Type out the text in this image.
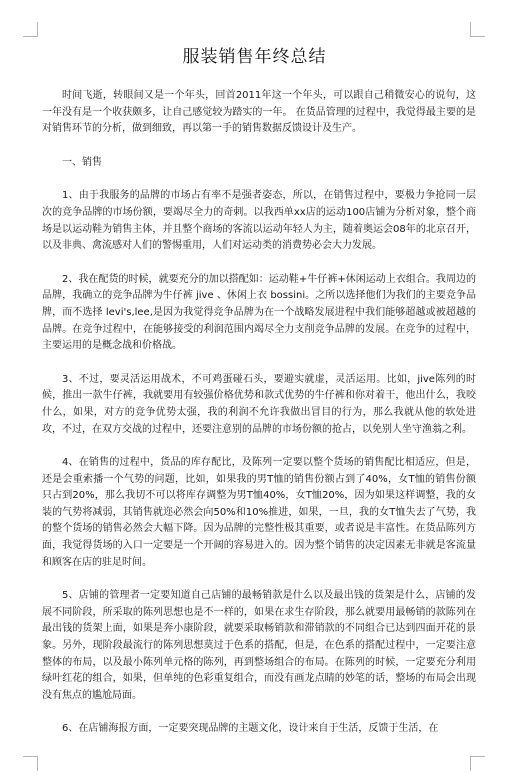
服装销售年终总结

时间飞逝，转眼间又是一个年头，回首2011年这一个年头，可以跟自己稍微安心的说句，这一年没有是一个收获颇多，让自己感觉较为踏实的一年。 在货品管理的过程中，我觉得最主要的是对销售环节的分析，做到细致，再以第一手的销售数据反馈设计及生产。

一、销售

1、由于我服务的品牌的市场占有率不是强者姿态，所以，在销售过程中，要极力争抢同一层次的竞争品牌的市场份额，要竭尽全力的奇刺。以我西单xx店的运动100店铺为分析对象，整个商场是以运动鞋为销售主体，并且整个商场的客流以运动年轻人为主，随着奥运会08年的北京召开，以及非典、禽流感对人们的警惕重用，人们对运动类的消费势必会大力发展。

2、我在配货的时候，就要充分的加以搭配如：运动鞋+牛仔裤+休闲运动上衣组合。我周边的品牌，我确立的竞争品牌为牛仔裤 jive 、休闲上衣 bossini。之所以选择他们为我们的主要竞争品牌，而不选择 levi's,lee,是因为我觉得竞争品牌为在一个战略发展进程中我们能够超越或被超越的品牌。在竞争过程中，在能够接受的利润范围内竭尽全力支削竞争品牌的发展。在竞争的过程中，主要运用的是概念战和价格战。

3、不过，要灵活运用战术，不可鸡蛋碰石头，要避实就虚，灵活运用。比如，jive陈列的时候，推出一款牛仔裤，我就要用有较强价格优势和款式优势的牛仔裤和你对着干，他出什么，我咬什么，如果，对方的竞争优势太强，我的利润不允许我做出冒目的行为，那么我就从他的软处进攻，不过，在双方交战的过程中，还要注意别的品牌的市场份额的抢占，以免别人坐守渔翁之利。

4、在销售的过程中，货品的库存配比，及陈列一定要以整个货场的销售配比相适应，但是，还是会重索播一个气势的问题，比如，如果我的男T恤的销售份额占到了40%，女T恤的销售份额只占到20%，那么我切不可以将库存调整为男T恤40%，女T恤20%，因为如果这样调整，我的女装的气势将减弱，其销售就迩必然会向50%和10%推进，如果，一旦，我的女T恤失去了气势，我的整个货场的销售必然会大幅下降。因为品牌的完整性极其重要，或者说是丰富性。在货品陈列方面，我觉得货场的入口一定要是一个开阔的容易进入的。因为整个销售的决定因素无非就是客流量和顾客在店的驻足时间。

5、店铺的管理者一定要知道自己店铺的最畅销款是什么以及最出钱的货架是什么，店铺的发展不同阶段，所采取的陈列思想也是不一样的，如果在求生存阶段，那么就要用最畅销的款陈列在最出钱的货架上面，如果是奔小康阶段，就要采取畅销款和滞销款的不同组合已达到四面开花的景象。另外，现阶段最流行的陈列思想莫过于色系的搭配，但是，在色系的搭配过程中，一定要注意整体的布局，以及最小陈列单元格的陈列，再到整场组合的布局。在陈列的时候，一定要充分利用绿叶红花的组合，如果，但单纯的色彩重复组合，而没有画龙点睛的妙笔的话，整场的布局会出现没有焦点的尴尬局面。

6、在店铺海报方面，一定要突现品牌的主题文化，设计来自于生活，反馈于生活，在
